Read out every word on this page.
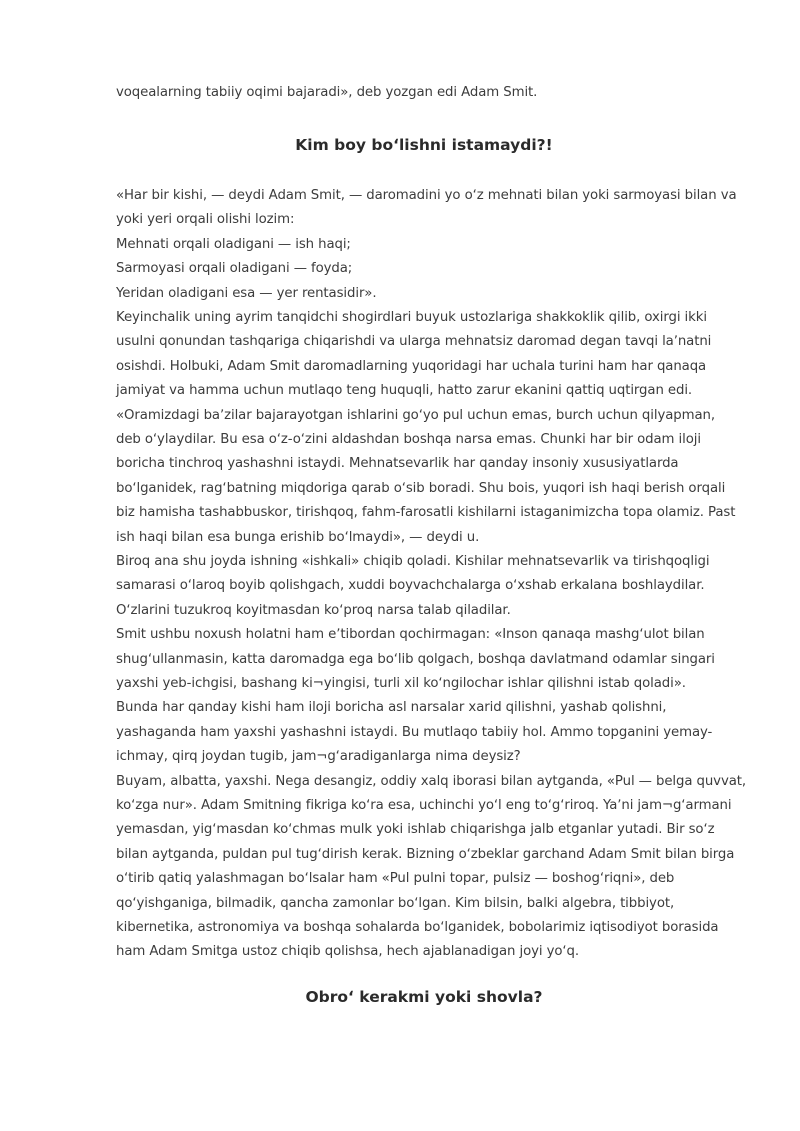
voqealarning tabiiy oqimi bajaradi», deb yozgan edi Adam Smit.
Kim boy boʻlishni istamaydi?!
«Har bir kishi, — deydi Adam Smit, — daromadini yo oʻz mehnati bilan yoki sarmoyasi bilan va
yoki yeri orqali olishi lozim:
Mehnati orqali oladigani — ish haqi;
Sarmoyasi orqali oladigani — foyda;
Yeridan oladigani esa — yer rentasidir».
Keyinchalik uning ayrim tanqidchi shogirdlari buyuk ustozlariga shakkoklik qilib, oxirgi ikki
usulni qonundan tashqariga chiqarishdi va ularga mehnatsiz daromad degan tavqi laʼnatni
osishdi. Holbuki, Adam Smit daromadlarning yuqoridagi har uchala turini ham har qanaqa
jamiyat va hamma uchun mutlaqo teng huquqli, hatto zarur ekanini qattiq uqtirgan edi.
«Oramizdagi baʼzilar bajarayotgan ishlarini goʻyo pul uchun emas, burch uchun qilyapman,
deb oʻylaydilar. Bu esa oʻz-oʻzini aldashdan boshqa narsa emas. Chunki har bir odam iloji
boricha tinchroq yashashni istaydi. Mehnatsevarlik har qanday insoniy xususiyatlarda
boʻlganidek, ragʻbatning miqdoriga qarab oʻsib boradi. Shu bois, yuqori ish haqi berish orqali
biz hamisha tashabbuskor, tirishqoq, fahm-farosatli kishilarni istaganimizcha topa olamiz. Past
ish haqi bilan esa bunga erishib boʻlmaydi», — deydi u.
Biroq ana shu joyda ishning «ishkali» chiqib qoladi. Kishilar mehnatsevarlik va tirishqoqligi
samarasi oʻlaroq boyib qolishgach, xuddi boyvachchalarga oʻxshab erkalana boshlaydilar.
Oʻzlarini tuzukroq koyitmasdan koʻproq narsa talab qiladilar.
Smit ushbu noxush holatni ham eʼtibordan qochirmagan: «Inson qanaqa mashgʻulot bilan
shugʻullanmasin, katta daromadga ega boʻlib qolgach, boshqa davlatmand odamlar singari
yaxshi yeb-ichgisi, bashang ki¬yingisi, turli xil koʻngilochar ishlar qilishni istab qoladi».
Bunda har qanday kishi ham iloji boricha asl narsalar xarid qilishni, yashab qolishni,
yashaganda ham yaxshi yashashni istaydi. Bu mutlaqo tabiiy hol. Ammo topganini yemay-
ichmay, qirq joydan tugib, jam¬gʻaradiganlarga nima deysiz?
Buyam, albatta, yaxshi. Nega desangiz, oddiy xalq iborasi bilan aytganda, «Pul — belga quvvat,
koʻzga nur». Adam Smitning fikriga koʻra esa, uchinchi yoʻl eng toʻgʻriroq. Yaʼni jam¬gʻarmani
yemasdan, yigʻmasdan koʻchmas mulk yoki ishlab chiqarishga jalb etganlar yutadi. Bir soʻz
bilan aytganda, puldan pul tugʻdirish kerak. Bizning oʻzbeklar garchand Adam Smit bilan birga
oʻtirib qatiq yalashmagan boʻlsalar ham «Pul pulni topar, pulsiz — boshogʻriqni», deb
qoʻyishganiga, bilmadik, qancha zamonlar boʻlgan. Kim bilsin, balki algebra, tibbiyot,
kibernetika, astronomiya va boshqa sohalarda boʻlganidek, bobolarimiz iqtisodiyot borasida
ham Adam Smitga ustoz chiqib qolishsa, hech ajablanadigan joyi yoʻq.
Obroʻ kerakmi yoki shovla?
